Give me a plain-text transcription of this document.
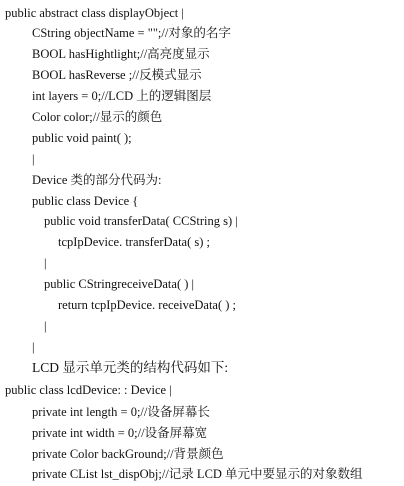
public abstract class displayObject |
CString objectName = "";//对象的名字
BOOL hasHightlight;//高亮度显示
BOOL hasReverse ;//反模式显示
int layers = 0;//LCD 上的逻辑图层
Color color;//显示的颜色
public void paint( );
|
Device 类的部分代码为:
public class Device {
public void transferData( CCString s) |
tcpIpDevice. transferData( s) ;
|
public CStringreceiveData( ) |
return tcpIpDevice. receiveData( ) ;
|
|
LCD 显示单元类的结构代码如下:
public class lcdDevice: : Device |
private int length = 0;//设备屏幕长
private int width = 0;//设备屏幕宽
private Color backGround;//背景颜色
private CList lst_dispObj;//记录 LCD 单元中要显示的对象数组
